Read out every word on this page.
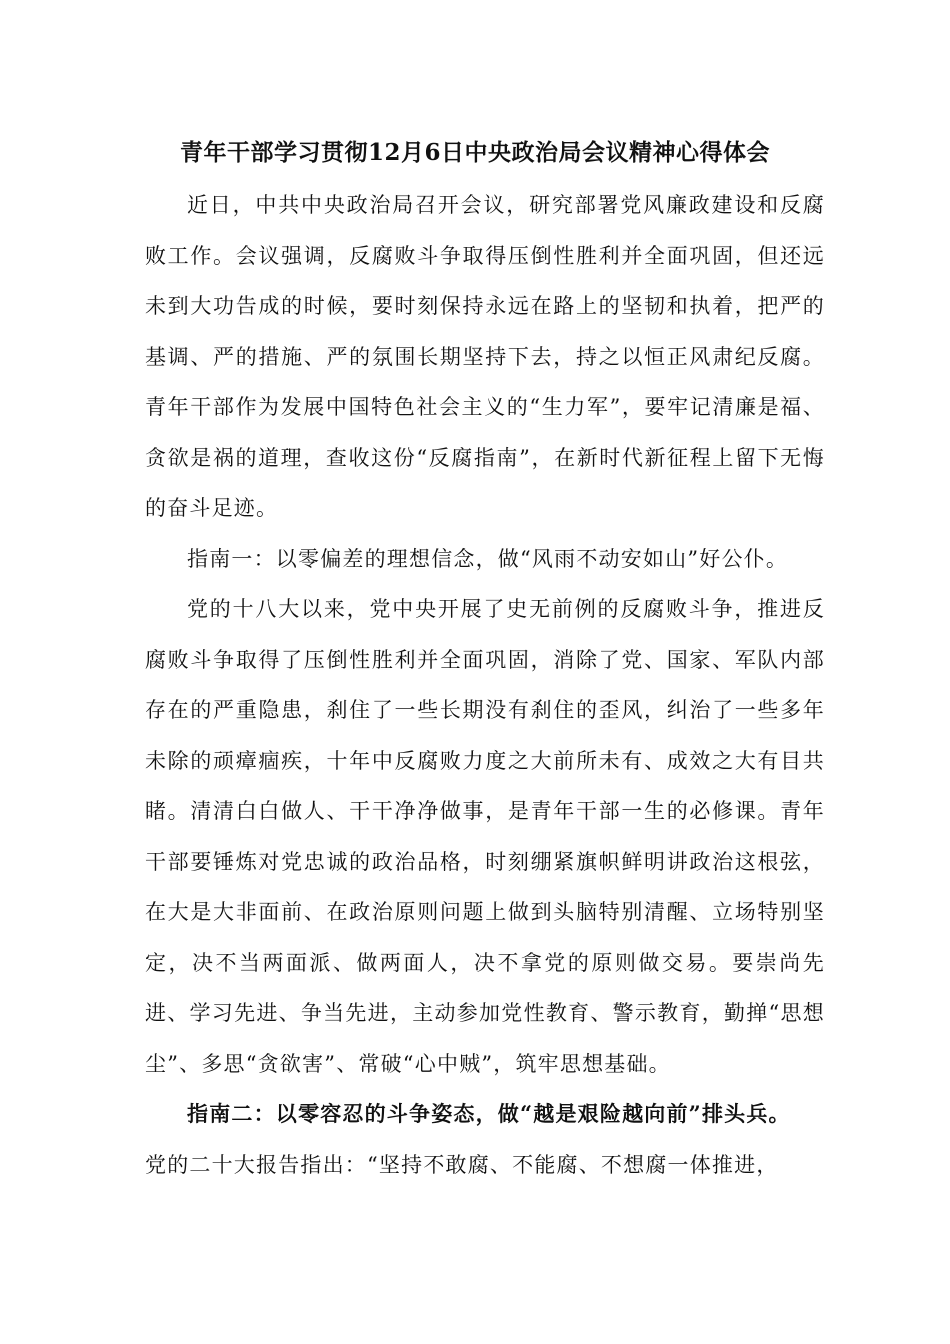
青年干部学习贯彻12月6日中央政治局会议精神心得体会

近日，中共中央政治局召开会议，研究部署党风廉政建设和反腐败工作。会议强调，反腐败斗争取得压倒性胜利并全面巩固，但还远未到大功告成的时候，要时刻保持永远在路上的坚韧和执着，把严的基调、严的措施、严的氛围长期坚持下去，持之以恒正风肃纪反腐。青年干部作为发展中国特色社会主义的“生力军”，要牢记清廉是福、贪欲是祸的道理，查收这份“反腐指南”，在新时代新征程上留下无悔的奋斗足迹。

指南一：以零偏差的理想信念，做“风雨不动安如山”好公仆。

党的十八大以来，党中央开展了史无前例的反腐败斗争，推进反腐败斗争取得了压倒性胜利并全面巩固，消除了党、国家、军队内部存在的严重隐患，刹住了一些长期没有刹住的歪风，纠治了一些多年未除的顽瘴痼疾，十年中反腐败力度之大前所未有、成效之大有目共睹。清清白白做人、干干净净做事，是青年干部一生的必修课。青年干部要锤炼对党忠诚的政治品格，时刻绷紧旗帜鲜明讲政治这根弦，在大是大非面前、在政治原则问题上做到头脑特别清醒、立场特别坚定，决不当两面派、做两面人，决不拿党的原则做交易。要崇尚先进、学习先进、争当先进，主动参加党性教育、警示教育，勤掸“思想尘”、多思“贪欲害”、常破“心中贼”，筑牢思想基础。

指南二：以零容忍的斗争姿态，做“越是艰险越向前”排头兵。

党的二十大报告指出：“坚持不敢腐、不能腐、不想腐一体推进，
